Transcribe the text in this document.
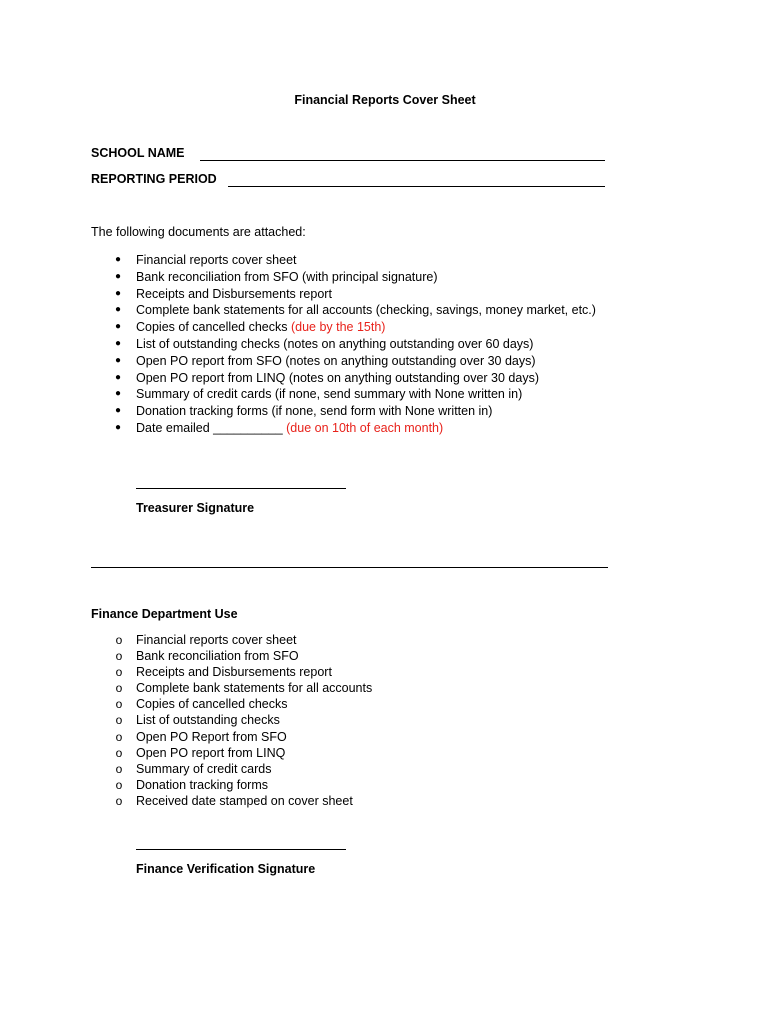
Financial Reports Cover Sheet
SCHOOL NAME
REPORTING PERIOD
The following documents are attached:
● Financial reports cover sheet
● Bank reconciliation from SFO (with principal signature)
● Receipts and Disbursements report
● Complete bank statements for all accounts (checking, savings, money market, etc.)
● Copies of cancelled checks (due by the 15th)
● List of outstanding checks (notes on anything outstanding over 60 days)
● Open PO report from SFO (notes on anything outstanding over 30 days)
● Open PO report from LINQ (notes on anything outstanding over 30 days)
● Summary of credit cards (if none, send summary with None written in)
● Donation tracking forms (if none, send form with None written in)
● Date emailed __________ (due on 10th of each month)
Treasurer Signature
Finance Department Use
o Financial reports cover sheet
o Bank reconciliation from SFO
o Receipts and Disbursements report
o Complete bank statements for all accounts
o Copies of cancelled checks
o List of outstanding checks
o Open PO Report from SFO
o Open PO report from LINQ
o Summary of credit cards
o Donation tracking forms
o Received date stamped on cover sheet
Finance Verification Signature
